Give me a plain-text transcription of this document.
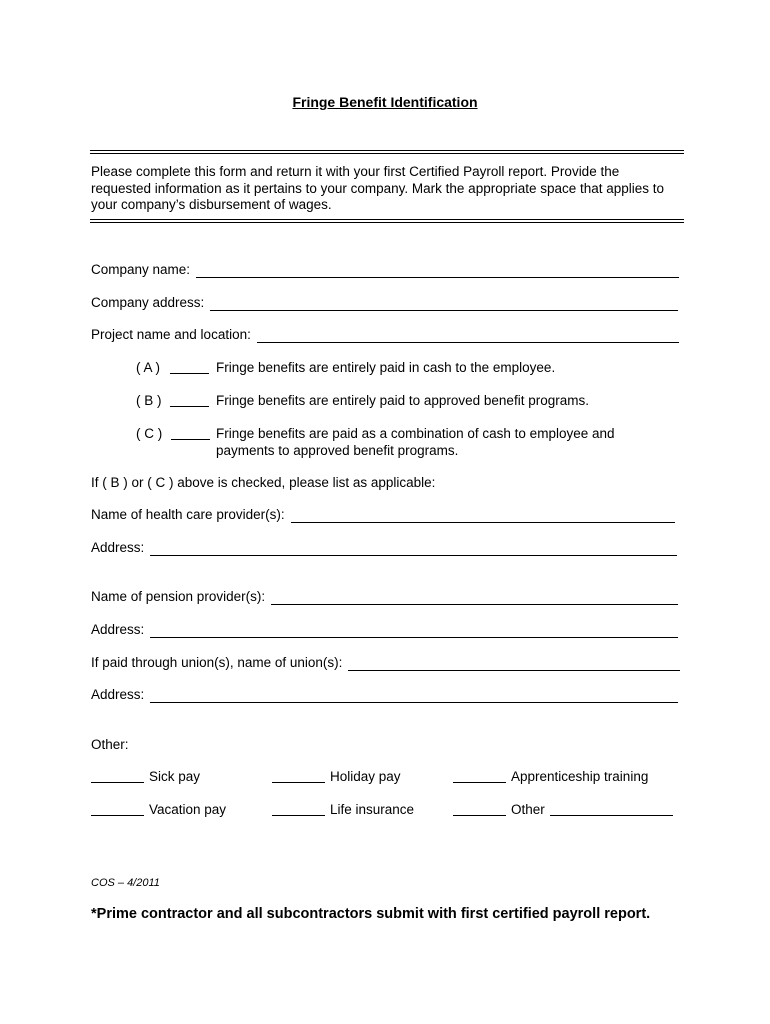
Fringe Benefit Identification
Please complete this form and return it with your first Certified Payroll report. Provide the requested information as it pertains to your company. Mark the appropriate space that applies to your company’s disbursement of wages.
Company name:
Company address:
Project name and location:
( A )	Fringe benefits are entirely paid in cash to the employee.
( B )	Fringe benefits are entirely paid to approved benefit programs.
( C )	Fringe benefits are paid as a combination of cash to employee and payments to approved benefit programs.
If ( B ) or ( C ) above is checked, please list as applicable:
Name of health care provider(s):
Address:
Name of pension provider(s):
Address:
If paid through union(s), name of union(s):
Address:
Other:
Sick pay	Holiday pay	Apprenticeship training
Vacation pay	Life insurance	Other
COS – 4/2011
*Prime contractor and all subcontractors submit with first certified payroll report.
